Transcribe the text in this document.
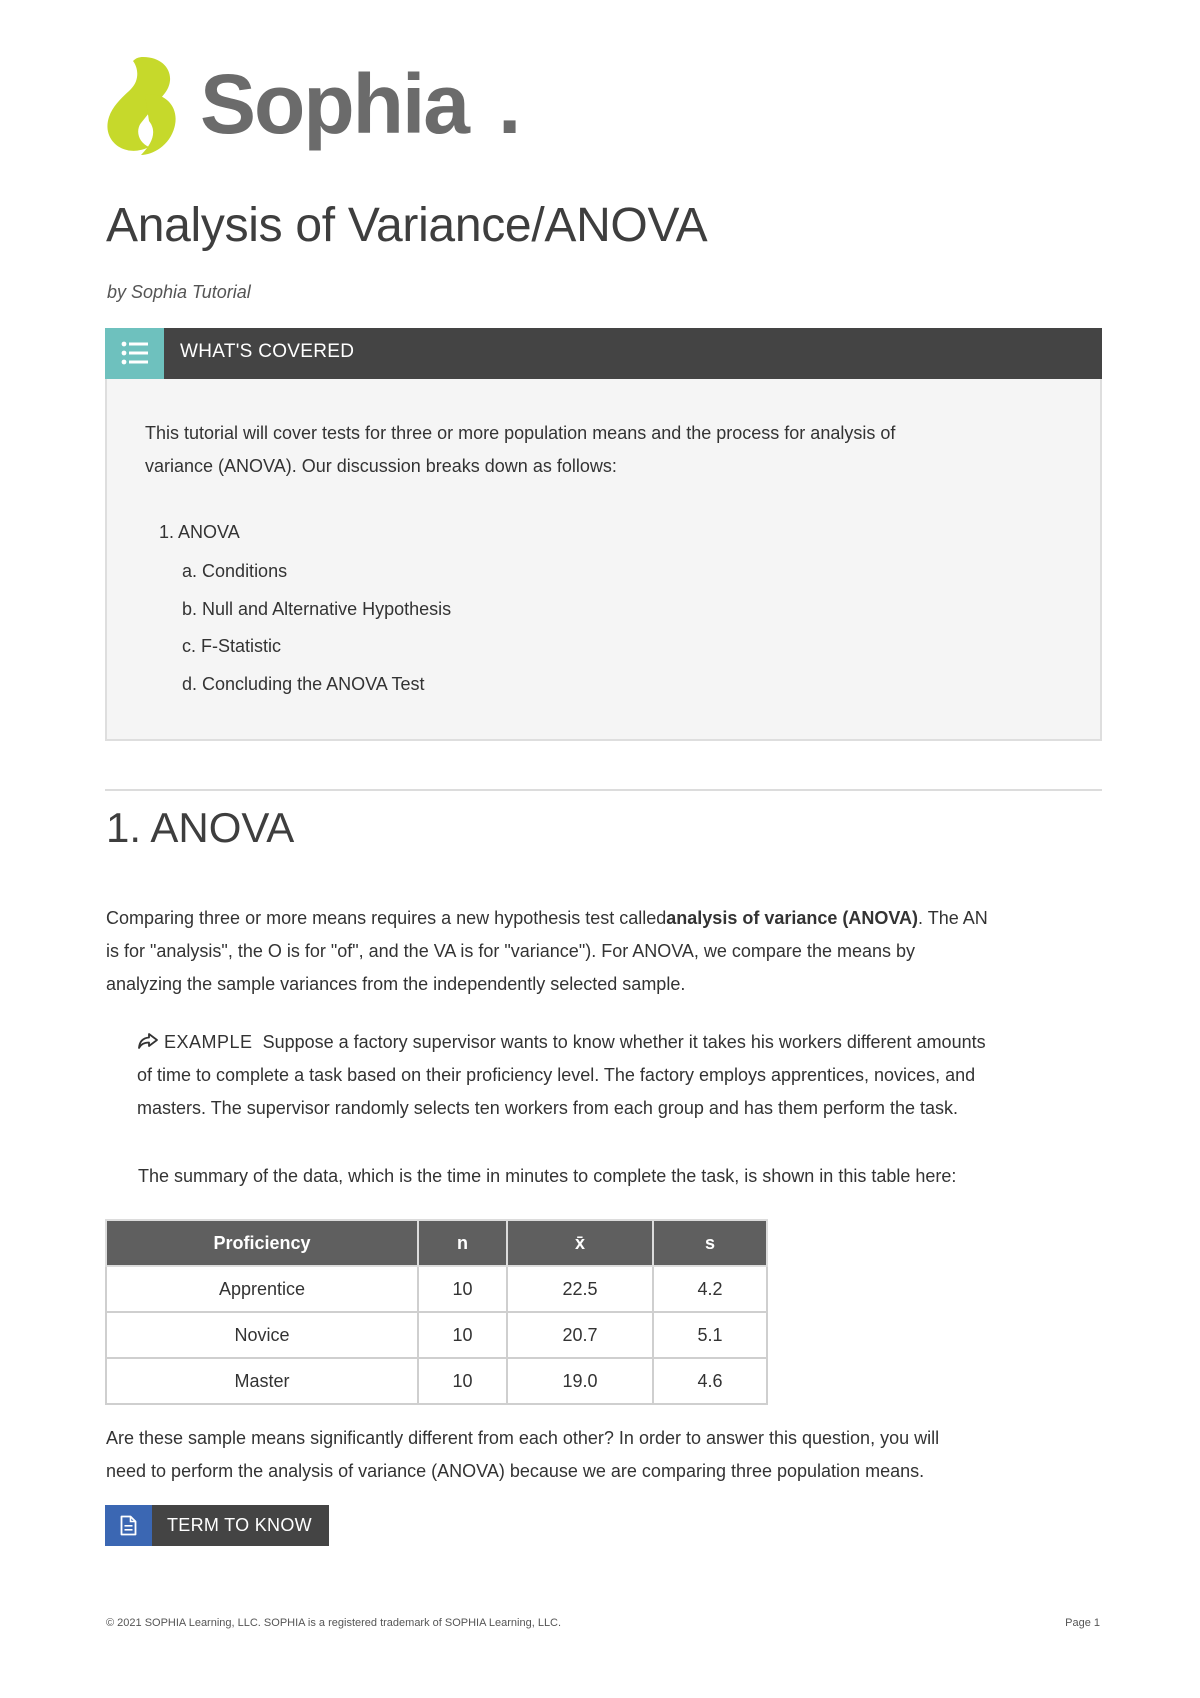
Sophia .
Analysis of Variance/ANOVA
by Sophia Tutorial
WHAT'S COVERED
This tutorial will cover tests for three or more population means and the process for analysis of
variance (ANOVA). Our discussion breaks down as follows:
1. ANOVA
a. Conditions
b. Null and Alternative Hypothesis
c. F-Statistic
d. Concluding the ANOVA Test
1. ANOVA
Comparing three or more means requires a new hypothesis test calledanalysis of variance (ANOVA). The AN
is for "analysis", the O is for "of", and the VA is for "variance"). For ANOVA, we compare the means by
analyzing the sample variances from the independently selected sample.
EXAMPLE Suppose a factory supervisor wants to know whether it takes his workers different amounts
of time to complete a task based on their proficiency level. The factory employs apprentices, novices, and
masters. The supervisor randomly selects ten workers from each group and has them perform the task.
The summary of the data, which is the time in minutes to complete the task, is shown in this table here:
Proficiency	n	x̄	s
Apprentice	10	22.5	4.2
Novice	10	20.7	5.1
Master	10	19.0	4.6
Are these sample means significantly different from each other? In order to answer this question, you will
need to perform the analysis of variance (ANOVA) because we are comparing three population means.
TERM TO KNOW
© 2021 SOPHIA Learning, LLC. SOPHIA is a registered trademark of SOPHIA Learning, LLC.	Page 1
